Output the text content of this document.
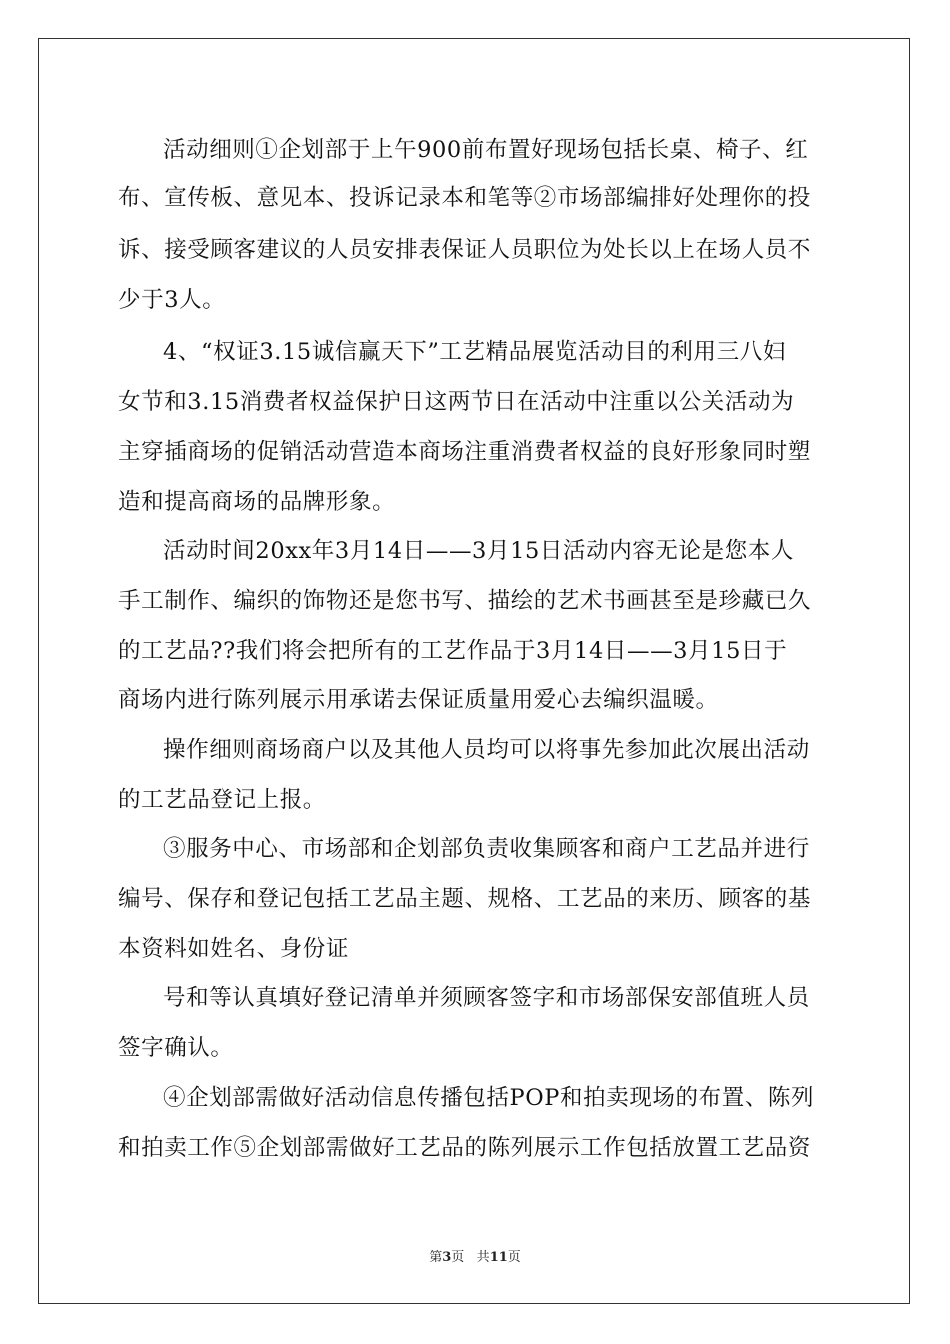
活动细则①企划部于上午900前布置好现场包括长桌、椅子、红
布、宣传板、意见本、投诉记录本和笔等②市场部编排好处理你的投
诉、接受顾客建议的人员安排表保证人员职位为处长以上在场人员不
少于3人。
4、“权证3.15诚信赢天下”工艺精品展览活动目的利用三八妇
女节和3.15消费者权益保护日这两节日在活动中注重以公关活动为
主穿插商场的促销活动营造本商场注重消费者权益的良好形象同时塑
造和提高商场的品牌形象。
活动时间20xx年3月14日——3月15日活动内容无论是您本人
手工制作、编织的饰物还是您书写、描绘的艺术书画甚至是珍藏已久
的工艺品??我们将会把所有的工艺作品于3月14日——3月15日于
商场内进行陈列展示用承诺去保证质量用爱心去编织温暖。
操作细则商场商户以及其他人员均可以将事先参加此次展出活动
的工艺品登记上报。
③服务中心、市场部和企划部负责收集顾客和商户工艺品并进行
编号、保存和登记包括工艺品主题、规格、工艺品的来历、顾客的基
本资料如姓名、身份证
号和等认真填好登记清单并须顾客签字和市场部保安部值班人员
签字确认。
④企划部需做好活动信息传播包括POP和拍卖现场的布置、陈列
和拍卖工作⑤企划部需做好工艺品的陈列展示工作包括放置工艺品资
第3页 共11页
